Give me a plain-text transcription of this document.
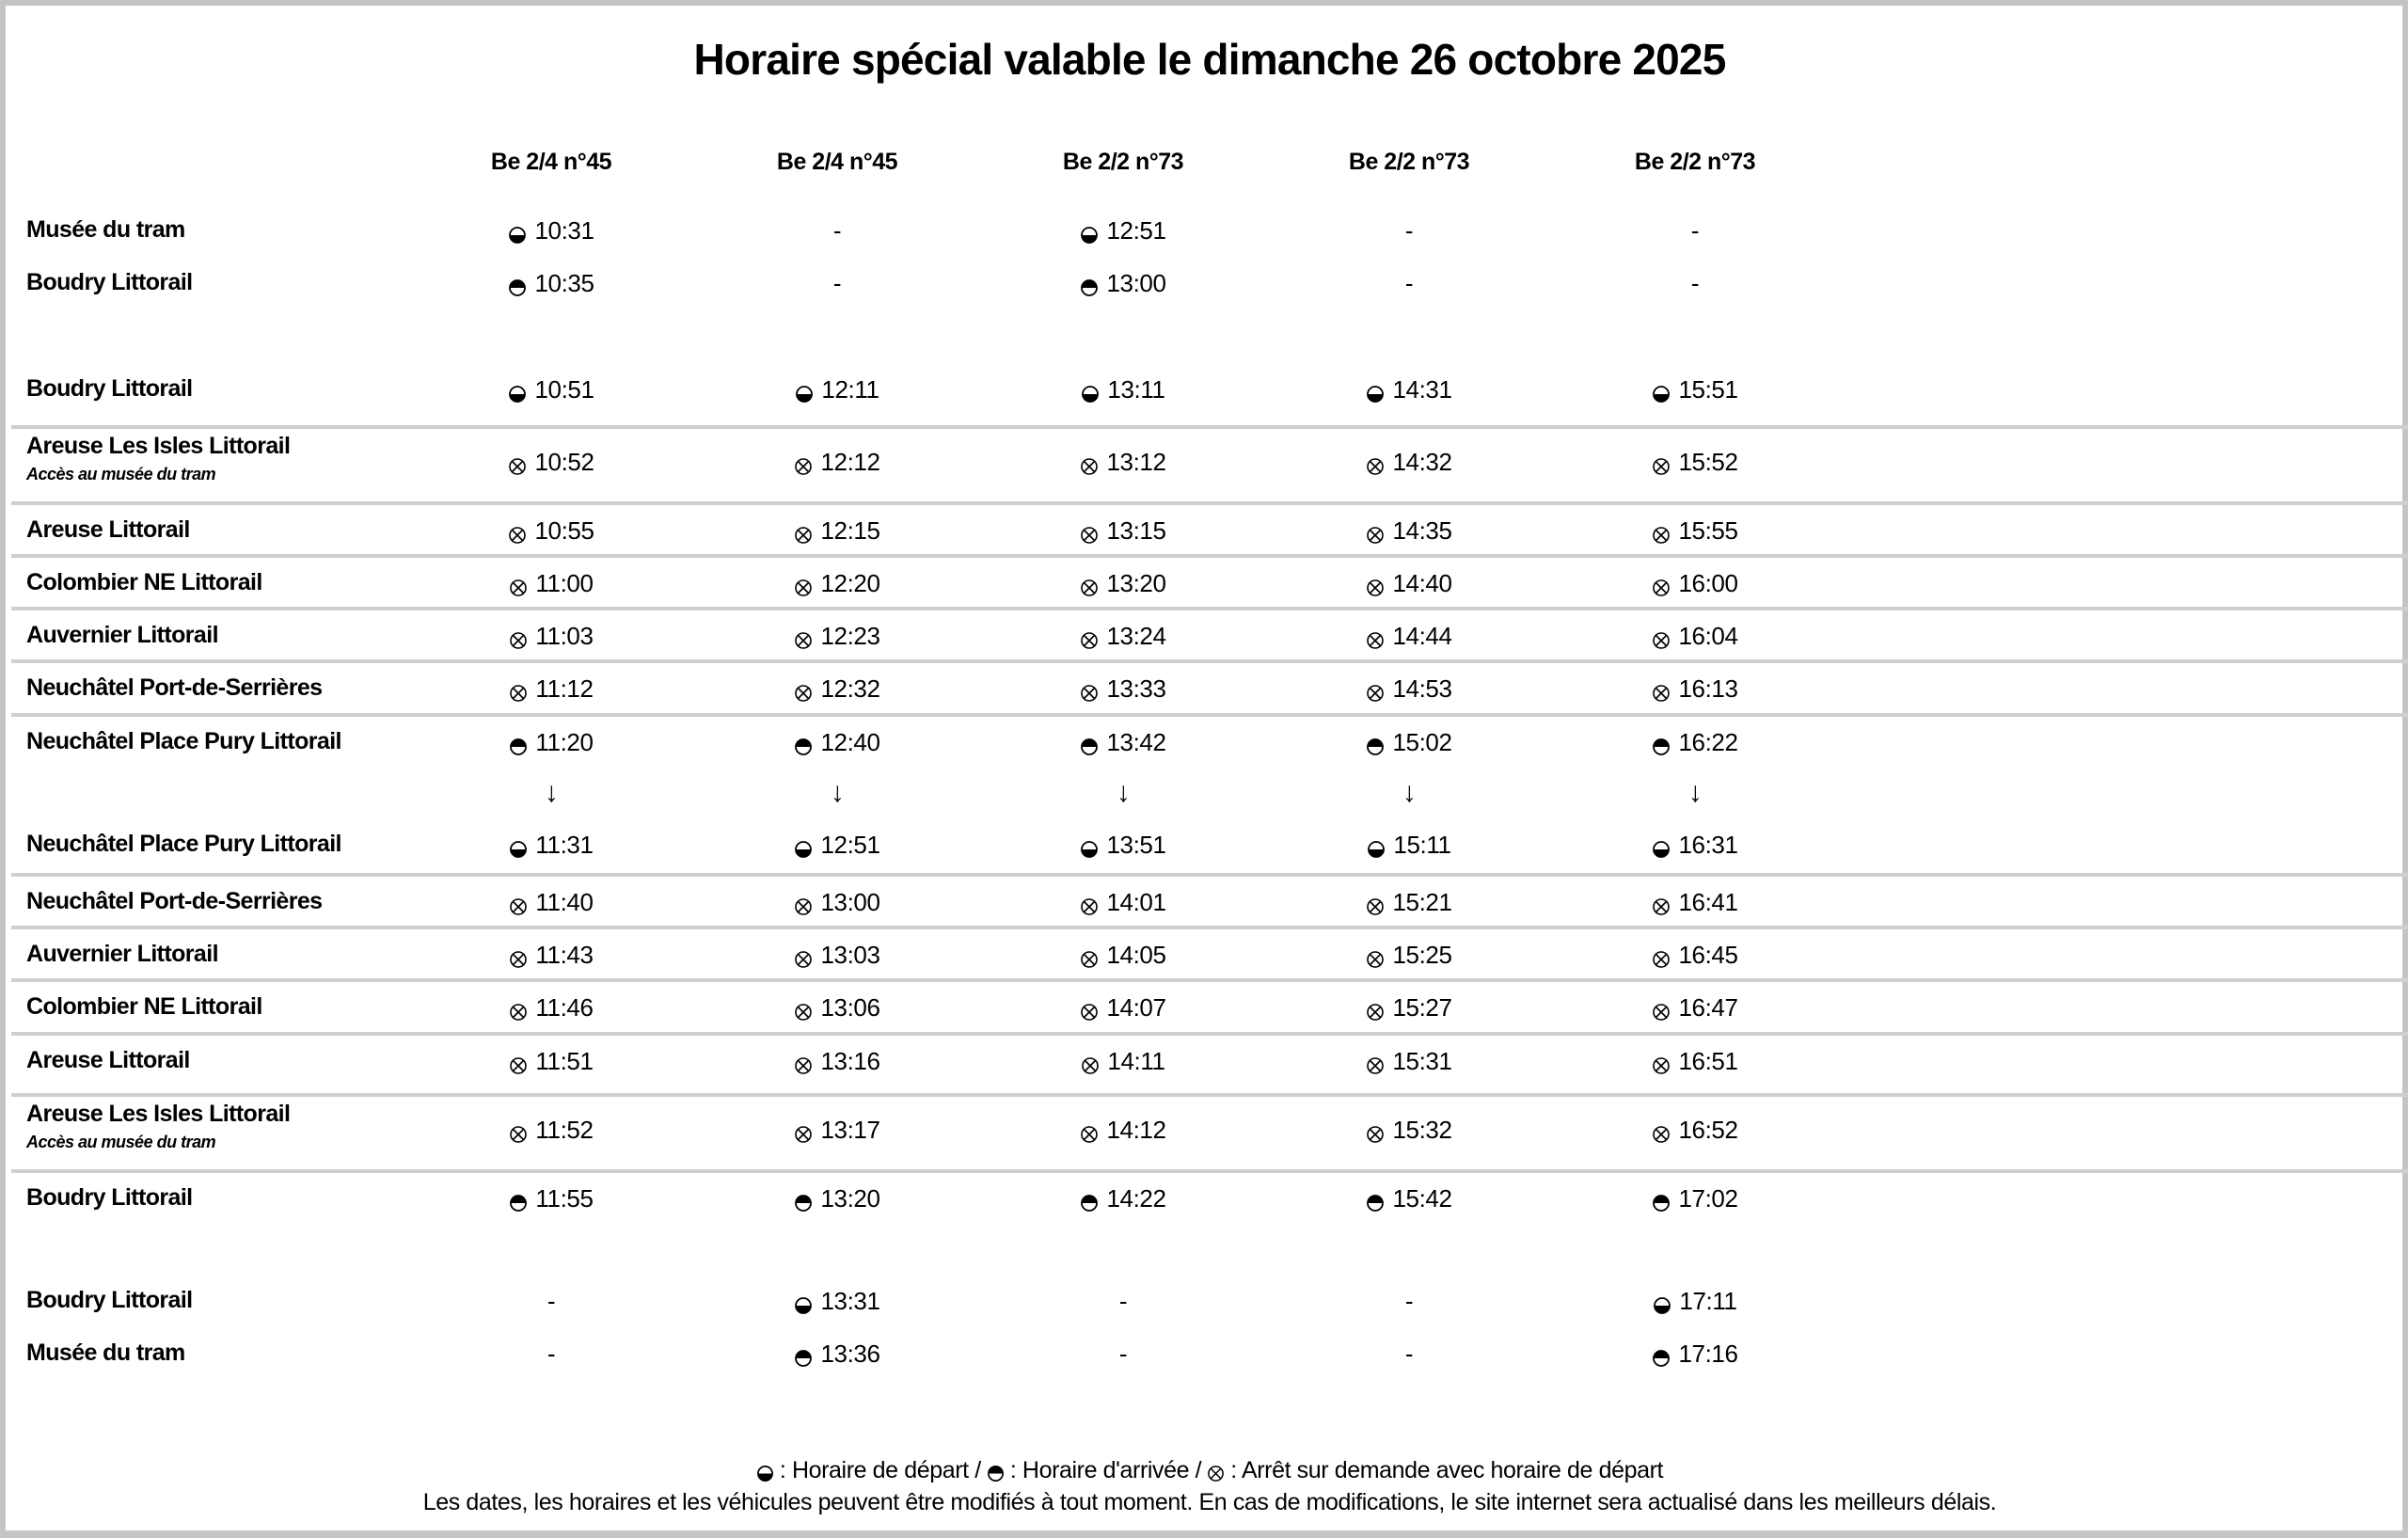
Horaire spécial valable le dimanche 26 octobre 2025
Be 2/4 n°45	Be 2/4 n°45	Be 2/2 n°73	Be 2/2 n°73	Be 2/2 n°73
Musée du tram	10:31	-	12:51	-	-
Boudry Littorail	10:35	-	13:00	-	-
Boudry Littorail	10:51	12:11	13:11	14:31	15:51
Areuse Les Isles Littorail
Accès au musée du tram	10:52	12:12	13:12	14:32	15:52
Areuse Littorail	10:55	12:15	13:15	14:35	15:55
Colombier NE Littorail	11:00	12:20	13:20	14:40	16:00
Auvernier Littorail	11:03	12:23	13:24	14:44	16:04
Neuchâtel Port-de-Serrières	11:12	12:32	13:33	14:53	16:13
Neuchâtel Place Pury Littorail	11:20	12:40	13:42	15:02	16:22
↓	↓	↓	↓	↓
Neuchâtel Place Pury Littorail	11:31	12:51	13:51	15:11	16:31
Neuchâtel Port-de-Serrières	11:40	13:00	14:01	15:21	16:41
Auvernier Littorail	11:43	13:03	14:05	15:25	16:45
Colombier NE Littorail	11:46	13:06	14:07	15:27	16:47
Areuse Littorail	11:51	13:16	14:11	15:31	16:51
Areuse Les Isles Littorail
Accès au musée du tram	11:52	13:17	14:12	15:32	16:52
Boudry Littorail	11:55	13:20	14:22	15:42	17:02
Boudry Littorail	-	13:31	-	-	17:11
Musée du tram	-	13:36	-	-	17:16
: Horaire de départ / : Horaire d'arrivée / : Arrêt sur demande avec horaire de départ
Les dates, les horaires et les véhicules peuvent être modifiés à tout moment. En cas de modifications, le site internet sera actualisé dans les meilleurs délais.
